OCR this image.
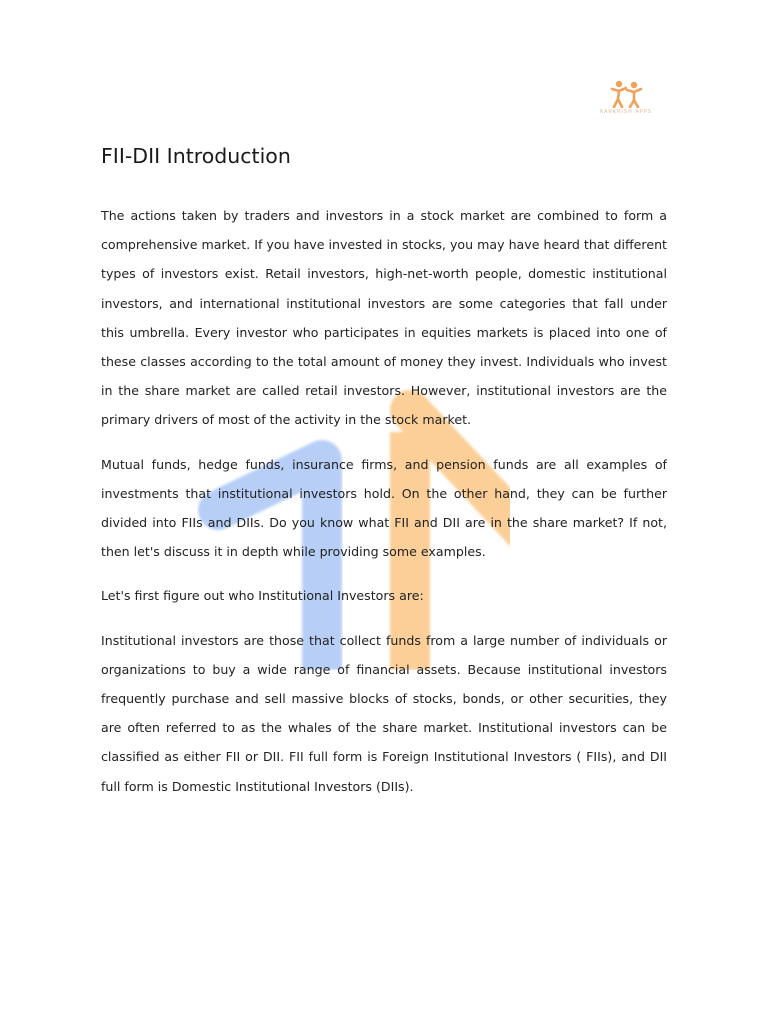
KAVKRISH APPS
FII-DII Introduction

The actions taken by traders and investors in a stock market are combined to form a comprehensive market. If you have invested in stocks, you may have heard that different types of investors exist. Retail investors, high-net-worth people, domestic institutional investors, and international institutional investors are some categories that fall under this umbrella. Every investor who participates in equities markets is placed into one of these classes according to the total amount of money they invest. Individuals who invest in the share market are called retail investors. However, institutional investors are the primary drivers of most of the activity in the stock market.

Mutual funds, hedge funds, insurance firms, and pension funds are all examples of investments that institutional investors hold. On the other hand, they can be further divided into FIIs and DIIs. Do you know what FII and DII are in the share market? If not, then let's discuss it in depth while providing some examples.

Let's first figure out who Institutional Investors are:

Institutional investors are those that collect funds from a large number of individuals or organizations to buy a wide range of financial assets. Because institutional investors frequently purchase and sell massive blocks of stocks, bonds, or other securities, they are often referred to as the whales of the share market. Institutional investors can be classified as either FII or DII. FII full form is Foreign Institutional Investors ( FIIs), and DII full form is Domestic Institutional Investors (DIIs).
